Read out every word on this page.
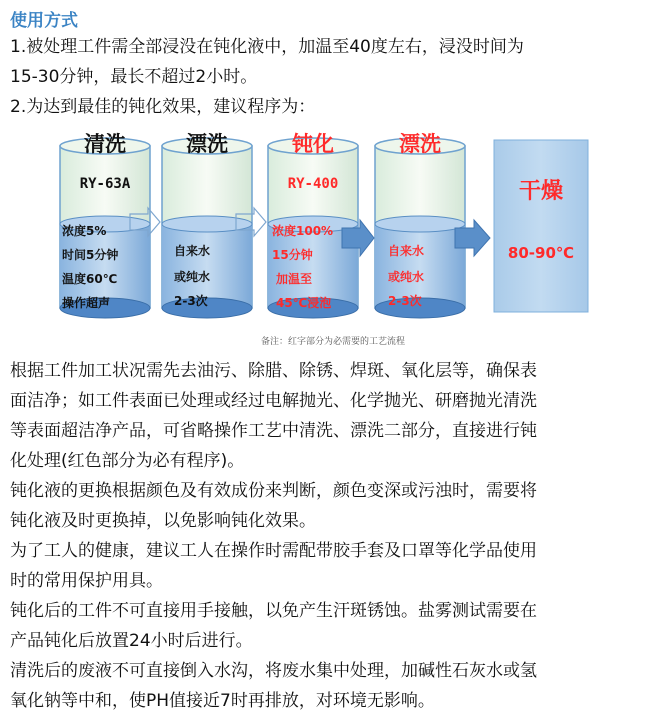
使用方式
1.被处理工件需全部浸没在钝化液中，加温至40度左右，浸没时间为
15-30分钟，最长不超过2小时。
2.为达到最佳的钝化效果，建议程序为：
清洗
RY-63A
浓度5%
时间5分钟
温度60℃
操作超声
漂洗
自来水
或纯水
2-3次
钝化
RY-400
浓度100%
15分钟
加温至
45℃浸泡
漂洗
自来水
或纯水
2-3次
干燥
80-90℃
备注：红字部分为必需要的工艺流程

根据工件加工状况需先去油污、除腊、除锈、焊斑、氧化层等，确保表

面洁净；如工件表面已处理或经过电解抛光、化学抛光、研磨抛光清洗

等表面超洁净产品，可省略操作工艺中清洗、漂洗二部分，直接进行钝

化处理(红色部分为必有程序)。

钝化液的更换根据颜色及有效成份来判断，颜色变深或污浊时，需要将

钝化液及时更换掉，以免影响钝化效果。

为了工人的健康，建议工人在操作时需配带胶手套及口罩等化学品使用

时的常用保护用具。

钝化后的工件不可直接用手接触，以免产生汗斑锈蚀。盐雾测试需要在

产品钝化后放置24小时后进行。

清洗后的废液不可直接倒入水沟，将废水集中处理，加碱性石灰水或氢

氧化钠等中和，使PH值接近7时再排放，对环境无影响。
